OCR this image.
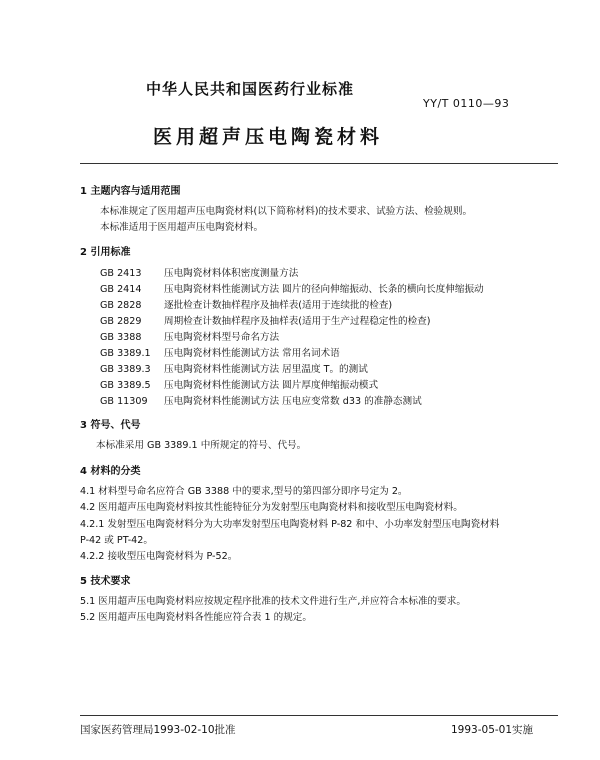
中华人民共和国医药行业标准
YY/T 0110—93
医用超声压电陶瓷材料
1 主题内容与适用范围
本标准规定了医用超声压电陶瓷材料(以下简称材料)的技术要求、试验方法、检验规则。
本标准适用于医用超声压电陶瓷材料。
2 引用标准
GB 2413 压电陶瓷材料体积密度测量方法
GB 2414 压电陶瓷材料性能测试方法 圆片的径向伸缩振动、长条的横向长度伸缩振动
GB 2828 逐批检查计数抽样程序及抽样表(适用于连续批的检查)
GB 2829 周期检查计数抽样程序及抽样表(适用于生产过程稳定性的检查)
GB 3388 压电陶瓷材料型号命名方法
GB 3389.1 压电陶瓷材料性能测试方法 常用名词术语
GB 3389.3 压电陶瓷材料性能测试方法 居里温度 T。的测试
GB 3389.5 压电陶瓷材料性能测试方法 圆片厚度伸缩振动模式
GB 11309 压电陶瓷材料性能测试方法 压电应变常数 d33 的准静态测试
3 符号、代号
本标准采用 GB 3389.1 中所规定的符号、代号。
4 材料的分类
4.1 材料型号命名应符合 GB 3388 中的要求,型号的第四部分即序号定为 2。
4.2 医用超声压电陶瓷材料按其性能特征分为发射型压电陶瓷材料和接收型压电陶瓷材料。
4.2.1 发射型压电陶瓷材料分为大功率发射型压电陶瓷材料 P-82 和中、小功率发射型压电陶瓷材料
P-42 或 PT-42。
4.2.2 接收型压电陶瓷材料为 P-52。
5 技术要求
5.1 医用超声压电陶瓷材料应按规定程序批准的技术文件进行生产,并应符合本标准的要求。
5.2 医用超声压电陶瓷材料各性能应符合表 1 的规定。
国家医药管理局1993-02-10批准	1993-05-01实施
